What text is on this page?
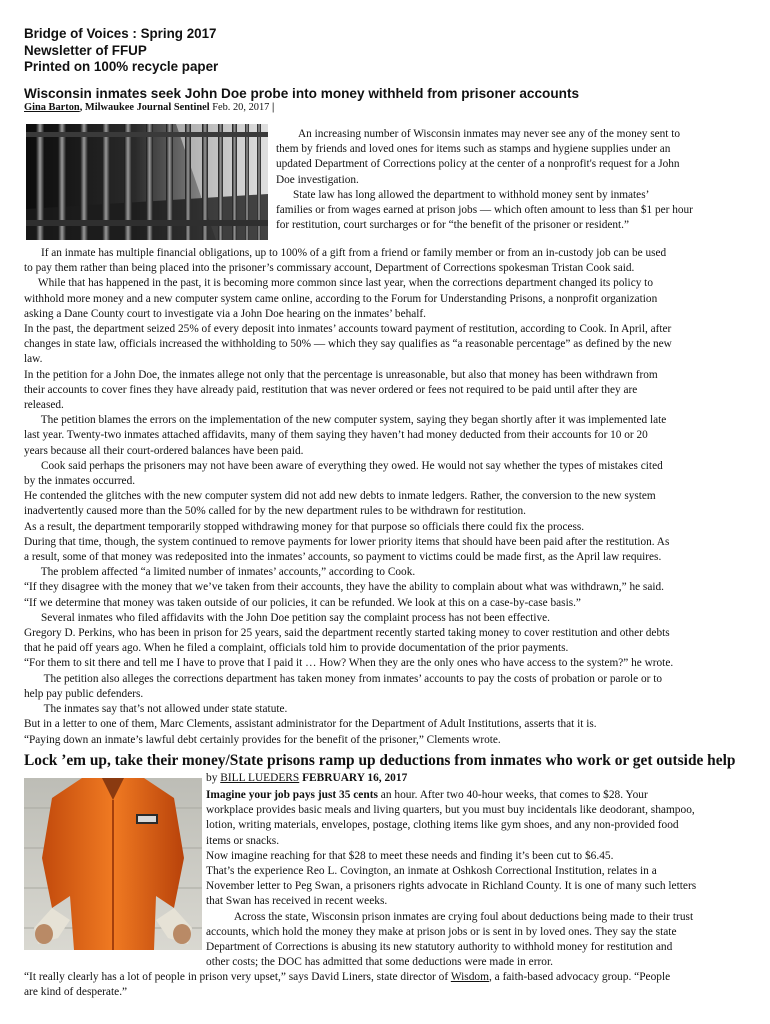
Bridge of Voices : Spring 2017
Newsletter of FFUP
Printed on 100% recycle paper
Wisconsin inmates seek John Doe probe into money withheld from prisoner accounts
Gina Barton, Milwaukee Journal Sentinel Feb. 20, 2017 |
An increasing number of Wisconsin inmates may never see any of the money sent to
them by friends and loved ones for items such as stamps and hygiene supplies under an
updated Department of Corrections policy at the center of a nonprofit's request for a John
Doe investigation.
State law has long allowed the department to withhold money sent by inmates’
families or from wages earned at prison jobs — which often amount to less than $1 per hour
for restitution, court surcharges or for “the benefit of the prisoner or resident.”
If an inmate has multiple financial obligations, up to 100% of a gift from a friend or family member or from an in-custody job can be used
to pay them rather than being placed into the prisoner’s commissary account, Department of Corrections spokesman Tristan Cook said.
While that has happened in the past, it is becoming more common since last year, when the corrections department changed its policy to
withhold more money and a new computer system came online, according to the Forum for Understanding Prisons, a nonprofit organization
asking a Dane County court to investigate via a John Doe hearing on the inmates’ behalf.
In the past, the department seized 25% of every deposit into inmates’ accounts toward payment of restitution, according to Cook. In April, after
changes in state law, officials increased the withholding to 50% — which they say qualifies as “a reasonable percentage” as defined by the new
law.
In the petition for a John Doe, the inmates allege not only that the percentage is unreasonable, but also that money has been withdrawn from
their accounts to cover fines they have already paid, restitution that was never ordered or fees not required to be paid until after they are
released.
The petition blames the errors on the implementation of the new computer system, saying they began shortly after it was implemented late
last year. Twenty-two inmates attached affidavits, many of them saying they haven’t had money deducted from their accounts for 10 or 20
years because all their court-ordered balances have been paid.
Cook said perhaps the prisoners may not have been aware of everything they owed. He would not say whether the types of mistakes cited
by the inmates occurred.
He contended the glitches with the new computer system did not add new debts to inmate ledgers. Rather, the conversion to the new system
inadvertently caused more than the 50% called for by the new department rules to be withdrawn for restitution.
As a result, the department temporarily stopped withdrawing money for that purpose so officials there could fix the process.
During that time, though, the system continued to remove payments for lower priority items that should have been paid after the restitution. As
a result, some of that money was redeposited into the inmates’ accounts, so payment to victims could be made first, as the April law requires.
The problem affected “a limited number of inmates’ accounts,” according to Cook.
“If they disagree with the money that we’ve taken from their accounts, they have the ability to complain about what was withdrawn,” he said.
“If we determine that money was taken outside of our policies, it can be refunded. We look at this on a case-by-case basis.”
Several inmates who filed affidavits with the John Doe petition say the complaint process has not been effective.
Gregory D. Perkins, who has been in prison for 25 years, said the department recently started taking money to cover restitution and other debts
that he paid off years ago. When he filed a complaint, officials told him to provide documentation of the prior payments.
“For them to sit there and tell me I have to prove that I paid it … How? When they are the only ones who have access to the system?” he wrote.
The petition also alleges the corrections department has taken money from inmates’ accounts to pay the costs of probation or parole or to
help pay public defenders.
The inmates say that’s not allowed under state statute.
But in a letter to one of them, Marc Clements, assistant administrator for the Department of Adult Institutions, asserts that it is.
“Paying down an inmate’s lawful debt certainly provides for the benefit of the prisoner,” Clements wrote.
Lock ’em up, take their money/State prisons ramp up deductions from inmates who work or get outside help
by BILL LUEDERS FEBRUARY 16, 2017
Imagine your job pays just 35 cents an hour. After two 40-hour weeks, that comes to $28. Your
workplace provides basic meals and living quarters, but you must buy incidentals like deodorant, shampoo,
lotion, writing materials, envelopes, postage, clothing items like gym shoes, and any non-provided food
items or snacks.
Now imagine reaching for that $28 to meet these needs and finding it’s been cut to $6.45.
That’s the experience Reo L. Covington, an inmate at Oshkosh Correctional Institution, relates in a
November letter to Peg Swan, a prisoners rights advocate in Richland County. It is one of many such letters
that Swan has received in recent weeks.
Across the state, Wisconsin prison inmates are crying foul about deductions being made to their trust
accounts, which hold the money they make at prison jobs or is sent in by loved ones. They say the state
Department of Corrections is abusing its new statutory authority to withhold money for restitution and
other costs; the DOC has admitted that some deductions were made in error.
“It really clearly has a lot of people in prison very upset,” says David Liners, state director of Wisdom, a faith-based advocacy group. “People
are kind of desperate.”
